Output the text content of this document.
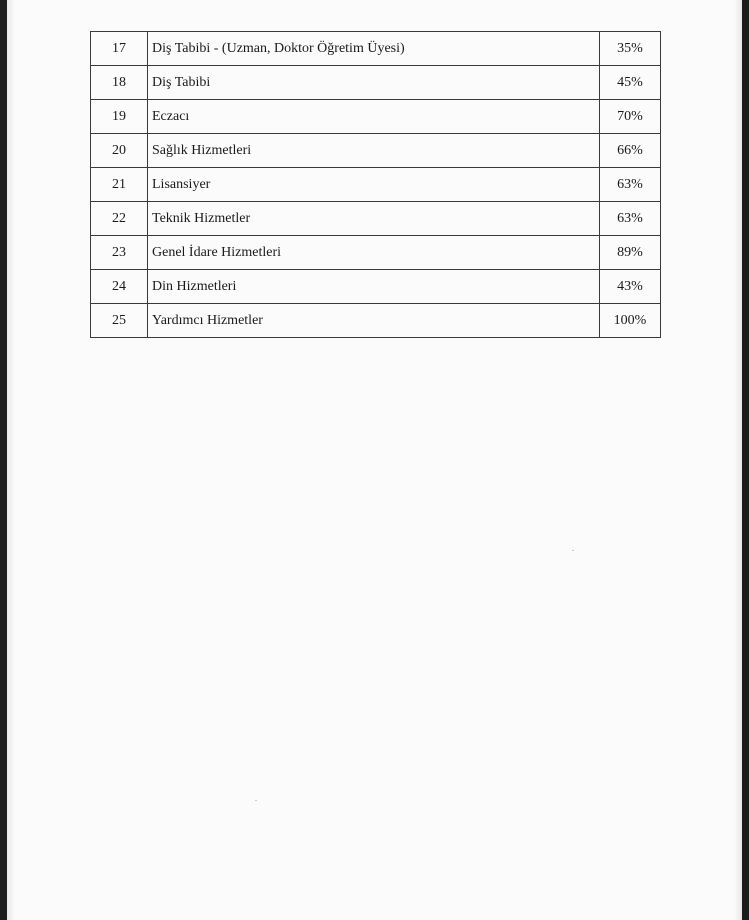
17	Diş Tabibi - (Uzman, Doktor Öğretim Üyesi)	35%
18	Diş Tabibi	45%
19	Eczacı	70%
20	Sağlık Hizmetleri	66%
21	Lisansiyer	63%
22	Teknik Hizmetler	63%
23	Genel İdare Hizmetleri	89%
24	Din Hizmetleri	43%
25	Yardımcı Hizmetler	100%
